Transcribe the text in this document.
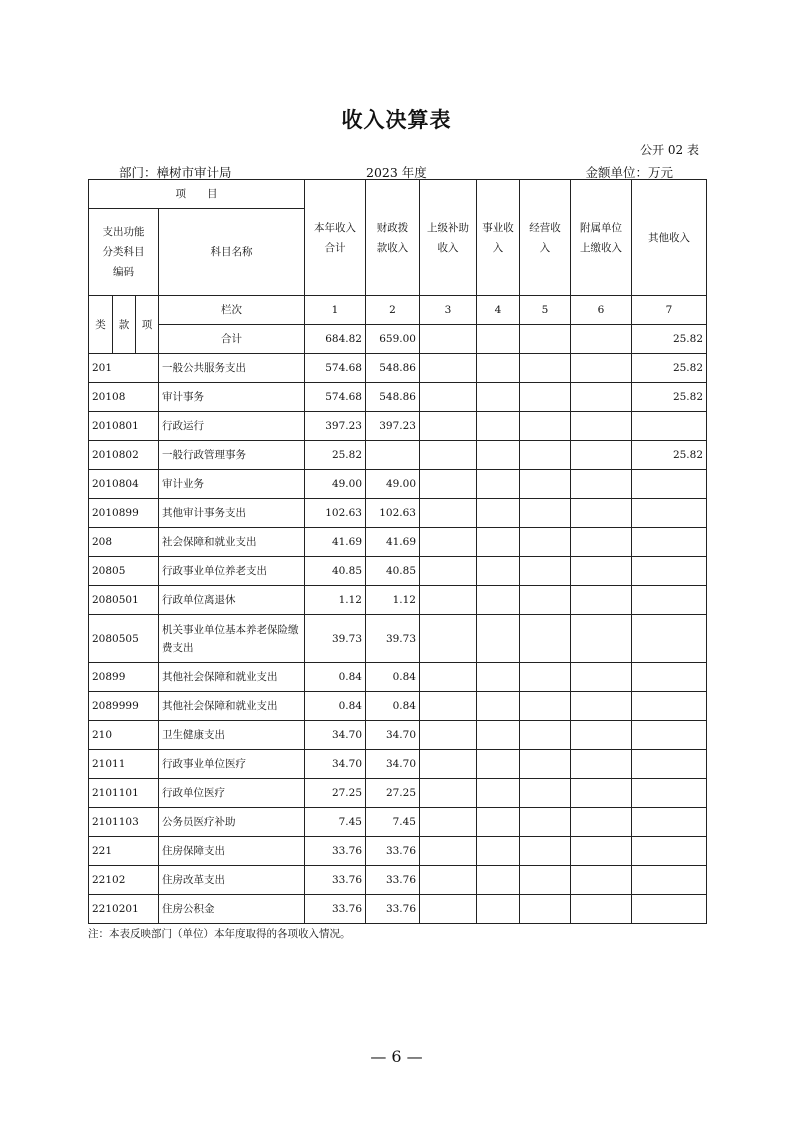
收入决算表
公开 02 表
部门：樟树市审计局	2023 年度	金额单位：万元
项　　目				本年收入合计	财政拨款收入	上级补助收入	事业收入	经营收入	附属单位上缴收入	其他收入
支出功能分类科目编码			科目名称							
类	款	项	栏次	1	2	3	4	5	6	7
			合计	684.82	659.00					25.82
201			一般公共服务支出	574.68	548.86					25.82
20108			审计事务	574.68	548.86					25.82
2010801			行政运行	397.23	397.23					
2010802			一般行政管理事务	25.82						25.82
2010804			审计业务	49.00	49.00					
2010899			其他审计事务支出	102.63	102.63					
208			社会保障和就业支出	41.69	41.69					
20805			行政事业单位养老支出	40.85	40.85					
2080501			行政单位离退休	1.12	1.12					
2080505			机关事业单位基本养老保险缴费支出	39.73	39.73					
20899			其他社会保障和就业支出	0.84	0.84					
2089999			其他社会保障和就业支出	0.84	0.84					
210			卫生健康支出	34.70	34.70					
21011			行政事业单位医疗	34.70	34.70					
2101101			行政单位医疗	27.25	27.25					
2101103			公务员医疗补助	7.45	7.45					
221			住房保障支出	33.76	33.76					
22102			住房改革支出	33.76	33.76					
2210201			住房公积金	33.76	33.76					
注：本表反映部门（单位）本年度取得的各项收入情况。
— 6 —
